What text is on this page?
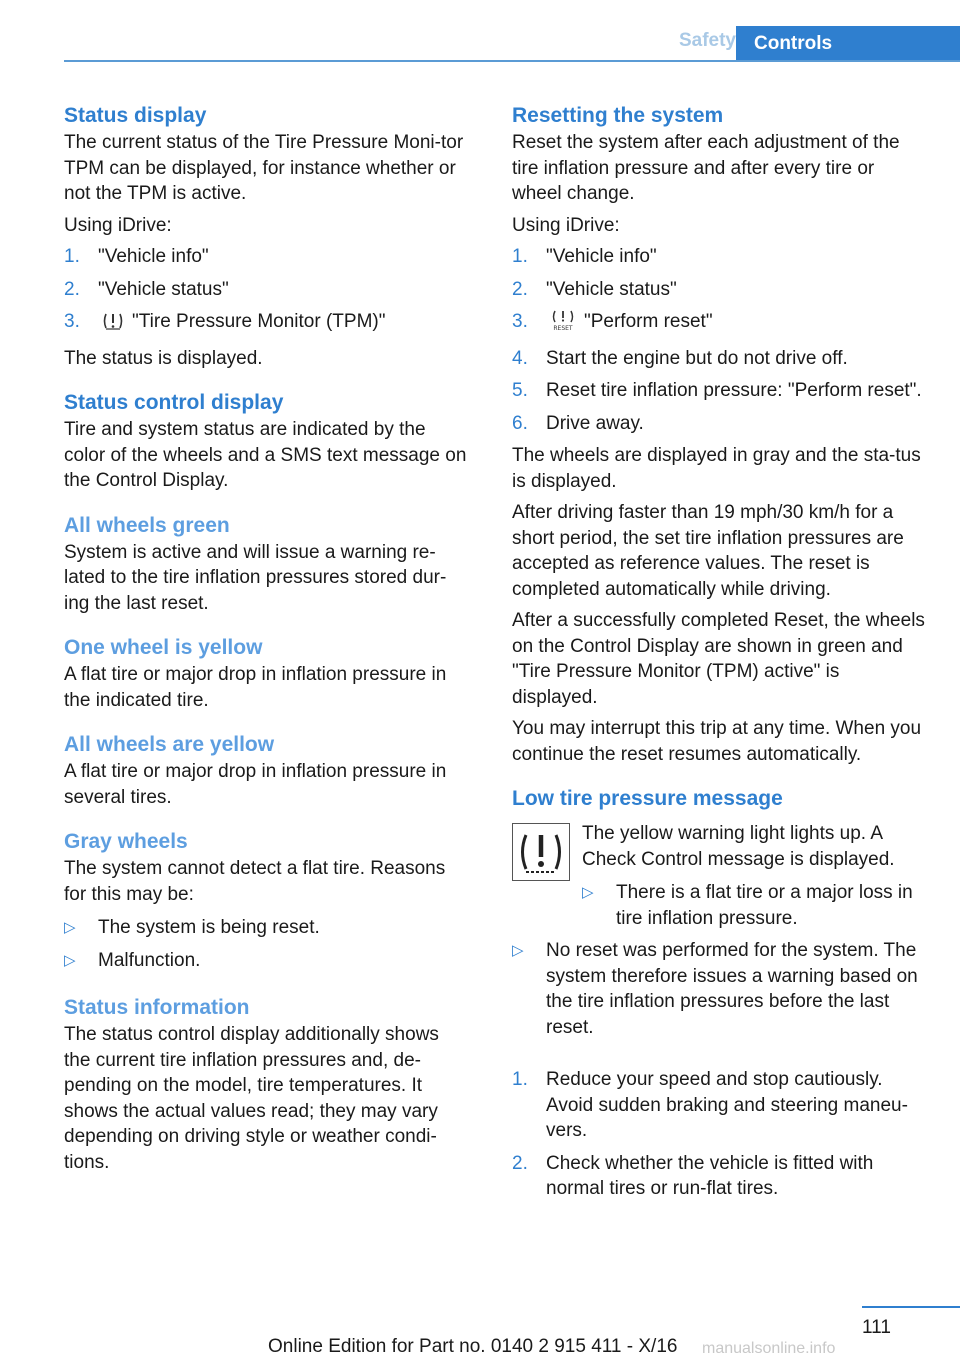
Safety Controls
Status display

The current status of the Tire Pressure Moni-tor TPM can be displayed, for instance whether or not the TPM is active.

Using iDrive:

1. "Vehicle info"
2. "Vehicle status"
3.	"Tire Pressure Monitor (TPM)"

The status is displayed.

Status control display

Tire and system status are indicated by the color of the wheels and a SMS text message on the Control Display.

All wheels green

System is active and will issue a warning re-lated to the tire inflation pressures stored dur-ing the last reset.

One wheel is yellow

A flat tire or major drop in inflation pressure in the indicated tire.

All wheels are yellow

A flat tire or major drop in inflation pressure in several tires.

Gray wheels

The system cannot detect a flat tire. Reasons for this may be:

▷	The system is being reset.
▷	Malfunction.
Status information

The status control display additionally shows the current tire inflation pressures and, de-pending on the model, tire temperatures. It shows the actual values read; they may vary depending on driving style or weather condi-tions.

Resetting the system

Reset the system after each adjustment of the tire inflation pressure and after every tire or wheel change.

Using iDrive:

1. "Vehicle info"
2. "Vehicle status"
3.	RESET "Perform reset"
4. Start the engine but do not drive off.
5. Reset tire inflation pressure: "Perform reset".
6. Drive away.

The wheels are displayed in gray and the sta-tus is displayed.

After driving faster than 19 mph/30 km/h for a short period, the set tire inflation pressures are accepted as reference values. The reset is completed automatically while driving.

After a successfully completed Reset, the wheels on the Control Display are shown in green and "Tire Pressure Monitor (TPM) active" is displayed.

You may interrupt this trip at any time. When you continue the reset resumes automatically.

Low tire pressure message

The yellow warning light lights up. A Check Control message is displayed.

▷	There is a flat tire or a major loss in tire inflation pressure.
▷	No reset was performed for the system. The system therefore issues a warning based on the tire inflation pressures before the last reset.
1. Reduce your speed and stop cautiously. Avoid sudden braking and steering maneu-vers.
2. Check whether the vehicle is fitted with normal tires or run-flat tires.
111
Online Edition for Part no. 0140 2 915 411 - X/16 manualsonline.info
